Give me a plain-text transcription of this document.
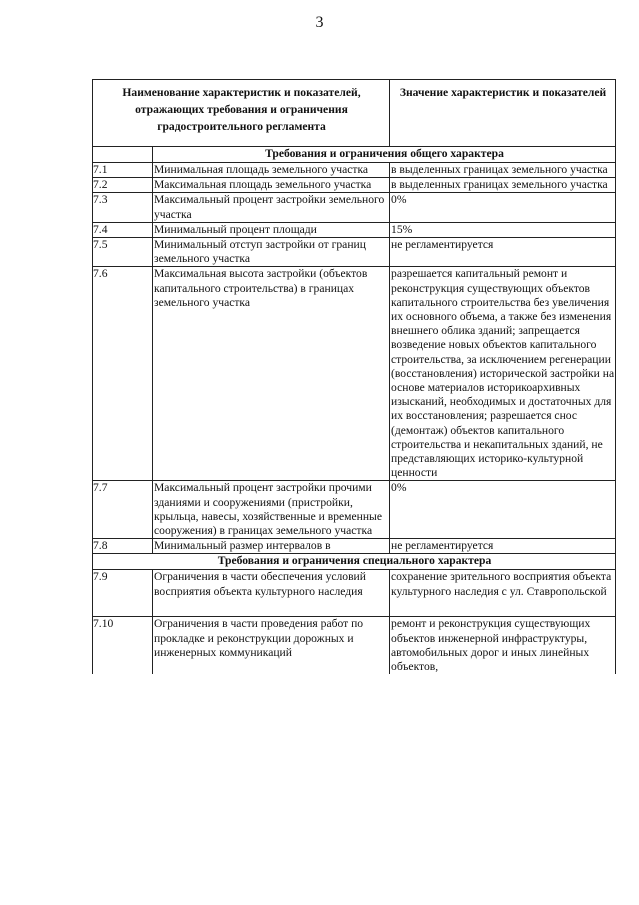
3
Наименование характеристик и показателей, отражающих требования и ограничения градостроительного регламента		Значение характеристик и показателей
	Требования и ограничения общего характера	
7.1	Минимальная площадь земельного участка	в выделенных границах земельного участка
7.2	Максимальная площадь земельного участка	в выделенных границах земельного участка
7.3	Максимальный процент застройки земельного участка	0%
7.4	Минимальный процент площади	15%
7.5	Минимальный отступ застройки от границ земельного участка	не регламентируется
7.6	Максимальная высота застройки (объектов капитального строительства) в границах земельного участка	разрешается капитальный ремонт и реконструкция существующих объектов капитального строительства без увеличения их основного объема, а также без изменения внешнего облика зданий; запрещается возведение новых объектов капитального строительства, за исключением регенерации (восстановления) исторической застройки на основе материалов историкоархивных изысканий, необходимых и достаточных для их восстановления; разрешается снос (демонтаж) объектов капитального строительства и некапитальных зданий, не представляющих историко-культурной ценности
7.7	Максимальный процент застройки прочими зданиями и сооружениями (пристройки, крыльца, навесы, хозяйственные и временные сооружения) в границах земельного участка	0%
7.8	Минимальный размер интервалов в	не регламентируется
Требования и ограничения специального характера		
7.9	Ограничения в части обеспечения условий восприятия объекта культурного наследия	сохранение зрительного восприятия объекта культурного наследия с ул. Ставропольской
7.10	Ограничения в части проведения работ по прокладке и реконструкции дорожных и инженерных коммуникаций	ремонт и реконструкция существующих объектов инженерной инфраструктуры, автомобильных дорог и иных линейных объектов,
